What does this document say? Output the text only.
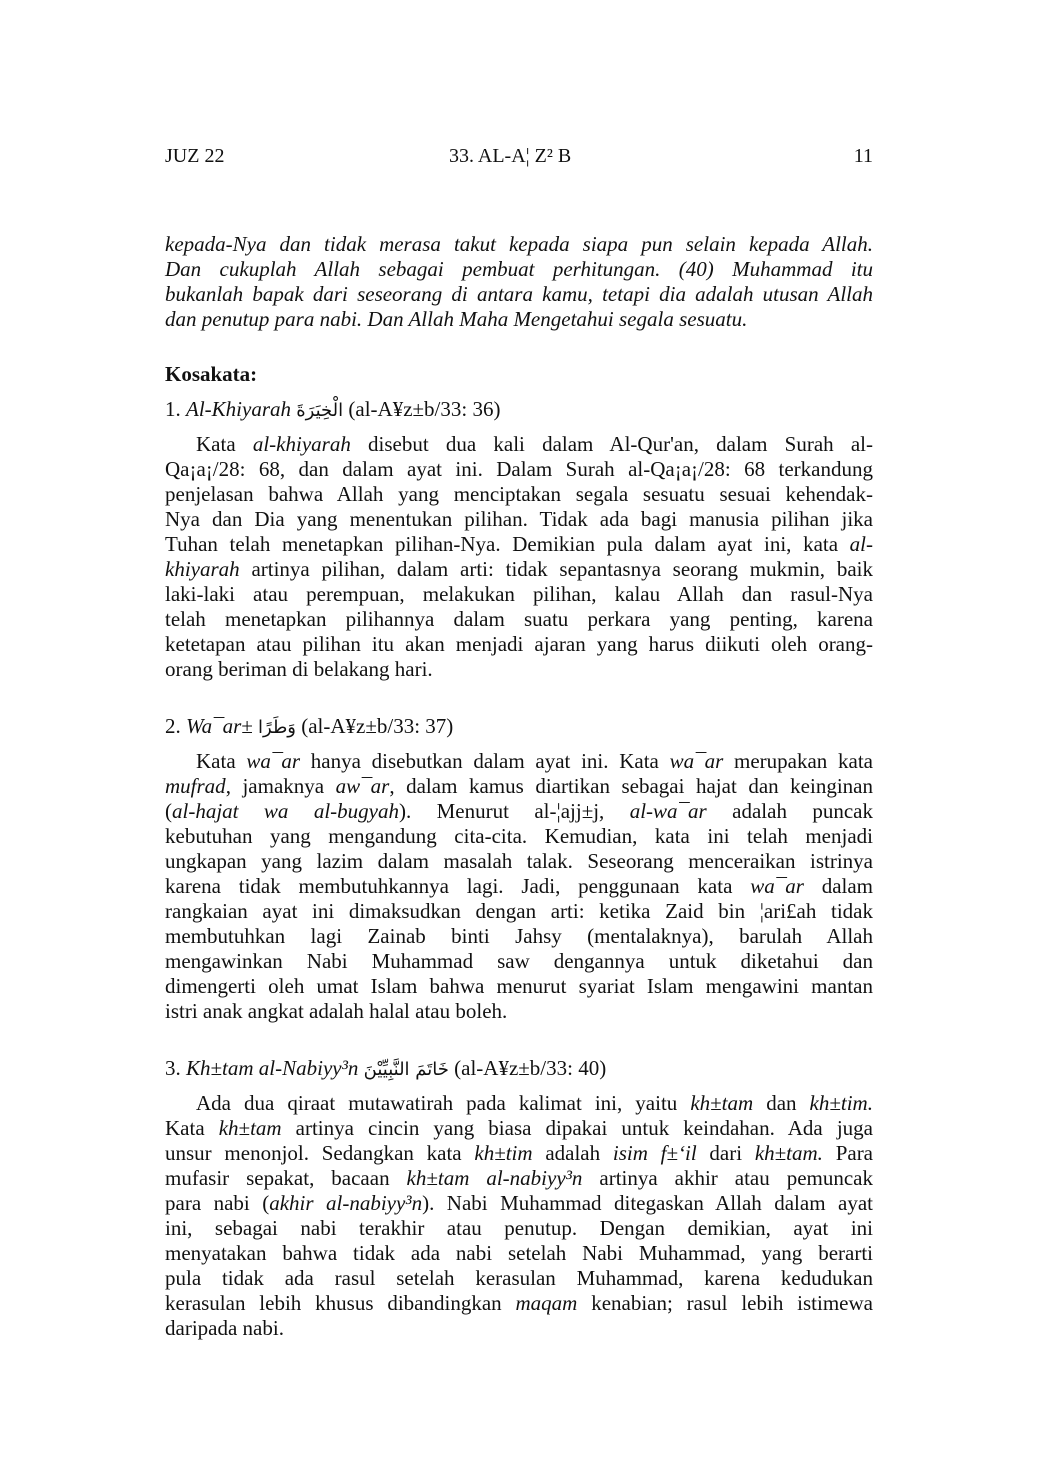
JUZ 22	33. AL-A¦ Z² B	11
kepada-Nya dan tidak merasa takut kepada siapa pun selain kepada Allah.
Dan cukuplah Allah sebagai pembuat perhitungan. (40) Muhammad itu
bukanlah bapak dari seseorang di antara kamu, tetapi dia adalah utusan Allah
dan penutup para nabi. Dan Allah Maha Mengetahui segala sesuatu.
Kosakata:
1. Al-Khiyarah الْخِيَرَةَ (al-A¥z±b/33: 36)
Kata al-khiyarah disebut dua kali dalam Al-Qur'an, dalam Surah al-
Qa¡a¡/28: 68, dan dalam ayat ini. Dalam Surah al-Qa¡a¡/28: 68 terkandung
penjelasan bahwa Allah yang menciptakan segala sesuatu sesuai kehendak-
Nya dan Dia yang menentukan pilihan. Tidak ada bagi manusia pilihan jika
Tuhan telah menetapkan pilihan-Nya. Demikian pula dalam ayat ini, kata al-
khiyarah artinya pilihan, dalam arti: tidak sepantasnya seorang mukmin, baik
laki-laki atau perempuan, melakukan pilihan, kalau Allah dan rasul-Nya
telah menetapkan pilihannya dalam suatu perkara yang penting, karena
ketetapan atau pilihan itu akan menjadi ajaran yang harus diikuti oleh orang-
orang beriman di belakang hari.
2. Wa¯ar± وَطَرًا (al-A¥z±b/33: 37)
Kata wa¯ar hanya disebutkan dalam ayat ini. Kata wa¯ar merupakan kata
mufrad, jamaknya aw¯ar, dalam kamus diartikan sebagai hajat dan keinginan
(al-hajat wa al-bugyah). Menurut al-¦ajj±j, al-wa¯ar adalah puncak
kebutuhan yang mengandung cita-cita. Kemudian, kata ini telah menjadi
ungkapan yang lazim dalam masalah talak. Seseorang menceraikan istrinya
karena tidak membutuhkannya lagi. Jadi, penggunaan kata wa¯ar dalam
rangkaian ayat ini dimaksudkan dengan arti: ketika Zaid bin ¦ari£ah tidak
membutuhkan lagi Zainab binti Jahsy (mentalaknya), barulah Allah
mengawinkan Nabi Muhammad saw dengannya untuk diketahui dan
dimengerti oleh umat Islam bahwa menurut syariat Islam mengawini mantan
istri anak angkat adalah halal atau boleh.
3. Kh±tam al-Nabiyy³n خَاتَمَ النَّبِيِّيْنَ (al-A¥z±b/33: 40)
Ada dua qiraat mutawatirah pada kalimat ini, yaitu kh±tam dan kh±tim.
Kata kh±tam artinya cincin yang biasa dipakai untuk keindahan. Ada juga
unsur menonjol. Sedangkan kata kh±tim adalah isim f±‘il dari kh±tam. Para
mufasir sepakat, bacaan kh±tam al-nabiyy³n artinya akhir atau pemuncak
para nabi (akhir al-nabiyy³n). Nabi Muhammad ditegaskan Allah dalam ayat
ini, sebagai nabi terakhir atau penutup. Dengan demikian, ayat ini
menyatakan bahwa tidak ada nabi setelah Nabi Muhammad, yang berarti
pula tidak ada rasul setelah kerasulan Muhammad, karena kedudukan
kerasulan lebih khusus dibandingkan maqam kenabian; rasul lebih istimewa
daripada nabi.
